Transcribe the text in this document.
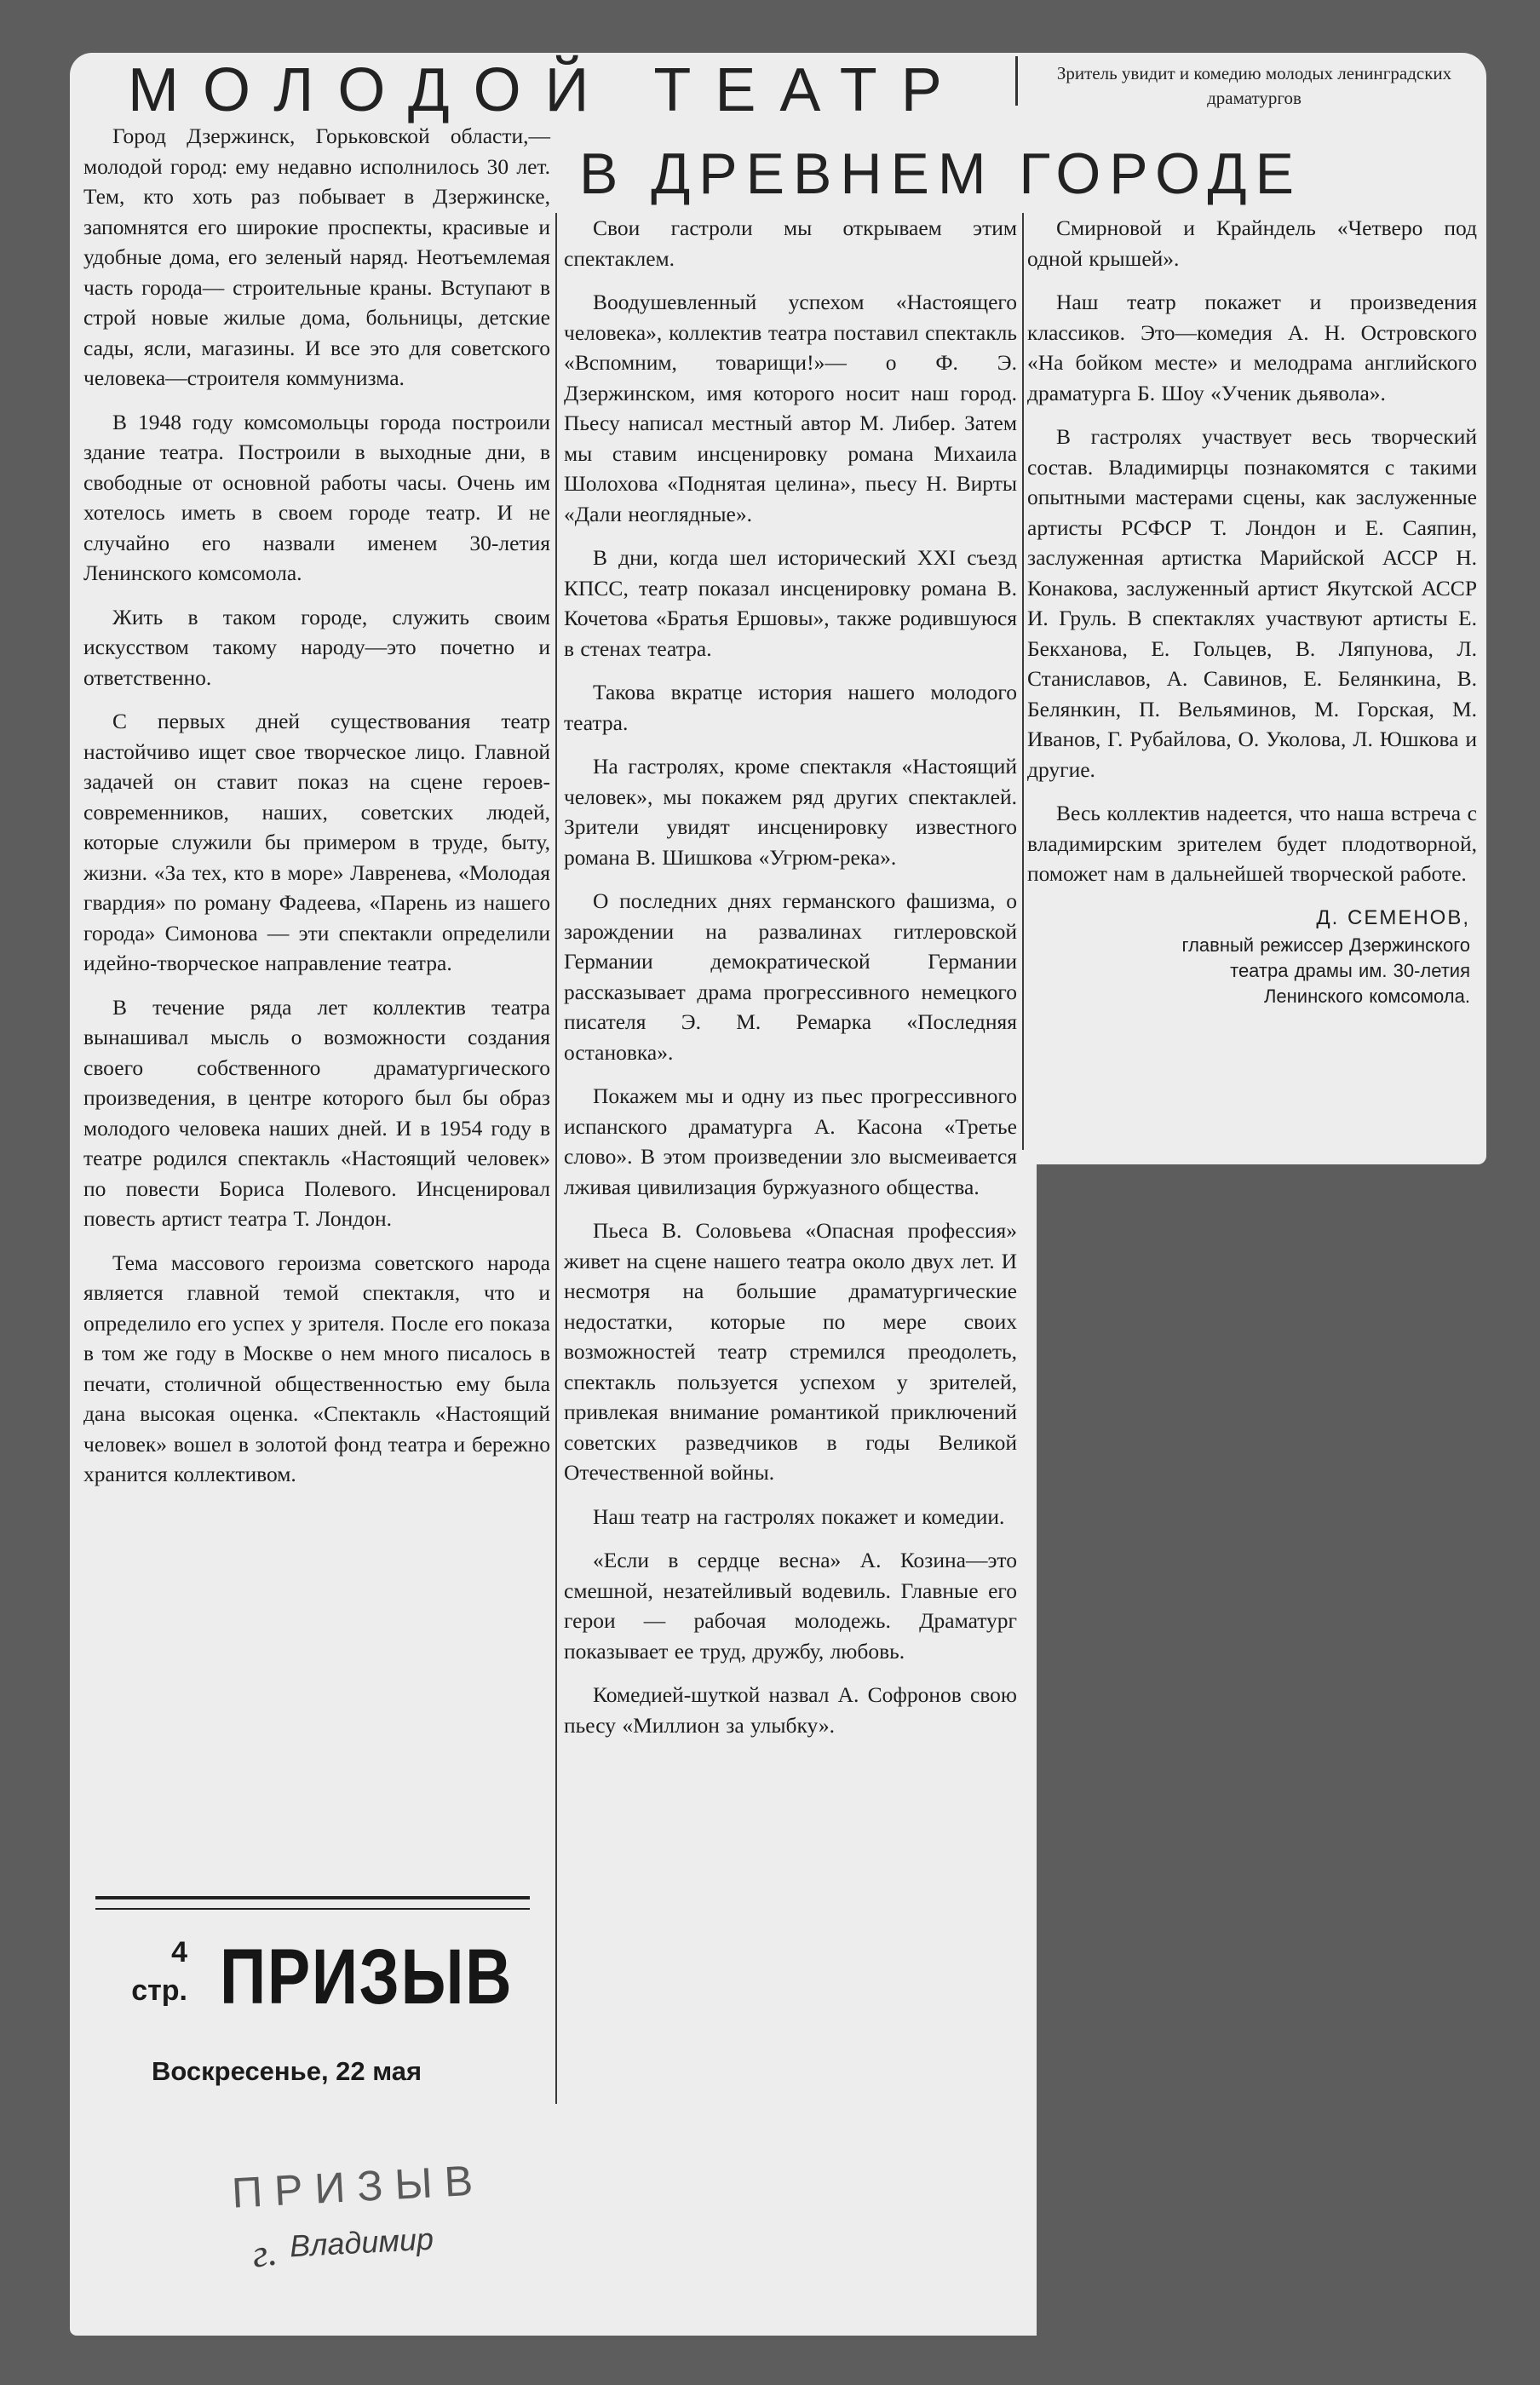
МОЛОДОЙ ТЕАТР	Зритель увидит и комедию молодых ленинградских драматургов
В ДРЕВНЕМ ГОРОДЕ

Город Дзержинск, Горьковской области,— молодой город: ему недавно исполнилось 30 лет. Тем, кто хоть раз побывает в Дзержинске, запомнятся его широкие проспекты, красивые и удобные дома, его зеленый наряд. Неотъемлемая часть города— строительные краны. Вступают в строй новые жилые дома, больницы, детские сады, ясли, магазины. И все это для советского человека—строителя коммунизма.

В 1948 году комсомольцы города построили здание театра. Построили в выходные дни, в свободные от основной работы часы. Очень им хотелось иметь в своем городе театр. И не случайно его назвали именем 30-летия Ленинского комсомола.

Жить в таком городе, служить своим искусством такому народу—это почетно и ответственно.

С первых дней существования театр настойчиво ищет свое творческое лицо. Главной задачей он ставит показ на сцене героев-современников, наших, советских людей, которые служили бы примером в труде, быту, жизни. «За тех, кто в море» Лавренева, «Молодая гвардия» по роману Фадеева, «Парень из нашего города» Симонова — эти спектакли определили идейно-творческое направление театра.

В течение ряда лет коллектив театра вынашивал мысль о возможности создания своего собственного драматургического произведения, в центре которого был бы образ молодого человека наших дней. И в 1954 году в театре родился спектакль «Настоящий человек» по повести Бориса Полевого. Инсценировал повесть артист театра Т. Лондон.

Тема массового героизма советского народа является главной темой спектакля, что и определило его успех у зрителя. После его показа в том же году в Москве о нем много писалось в печати, столичной общественностью ему была дана высокая оценка. «Спектакль «Настоящий человек» вошел в золотой фонд театра и бережно хранится коллективом.

Свои гастроли мы открываем этим спектаклем.

Воодушевленный успехом «Настоящего человека», коллектив театра поставил спектакль «Вспомним, товарищи!»— о Ф. Э. Дзержинском, имя которого носит наш город. Пьесу написал местный автор М. Либер. Затем мы ставим инсценировку романа Михаила Шолохова «Поднятая целина», пьесу Н. Вирты «Дали неоглядные».

В дни, когда шел исторический XXI съезд КПСС, театр показал инсценировку романа В. Кочетова «Братья Ершовы», также родившуюся в стенах театра.

Такова вкратце история нашего молодого театра.

На гастролях, кроме спектакля «Настоящий человек», мы покажем ряд других спектаклей. Зрители увидят инсценировку известного романа В. Шишкова «Угрюм-река».

О последних днях германского фашизма, о зарождении на развалинах гитлеровской Германии демократической Германии рассказывает драма прогрессивного немецкого писателя Э. М. Ремарка «Последняя остановка».

Покажем мы и одну из пьес прогрессивного испанского драматурга А. Касона «Третье слово». В этом произведении зло высмеивается лживая цивилизация буржуазного общества.

Пьеса В. Соловьева «Опасная профессия» живет на сцене нашего театра около двух лет. И несмотря на большие драматургические недостатки, которые по мере своих возможностей театр стремился преодолеть, спектакль пользуется успехом у зрителей, привлекая внимание романтикой приключений советских разведчиков в годы Великой Отечественной войны.

Наш театр на гастролях покажет и комедии.

«Если в сердце весна» А. Козина—это смешной, незатейливый водевиль. Главные его герои — рабочая молодежь. Драматург показывает ее труд, дружбу, любовь.

Комедией-шуткой назвал А. Софронов свою пьесу «Миллион за улыбку».

Смирновой и Крайндель «Четверо под одной крышей».

Наш театр покажет и произведения классиков. Это—комедия А. Н. Островского «На бойком месте» и мелодрама английского драматурга Б. Шоу «Ученик дьявола».

В гастролях участвует весь творческий состав. Владимирцы познакомятся с такими опытными мастерами сцены, как заслуженные артисты РСФСР Т. Лондон и Е. Саяпин, заслуженная артистка Марийской АССР Н. Конакова, заслуженный артист Якутской АССР И. Груль. В спектаклях участвуют артисты Е. Бекханова, Е. Гольцев, В. Ляпунова, Л. Станиславов, А. Савинов, Е. Белянкина, В. Белянкин, П. Вельяминов, М. Горская, М. Иванов, Г. Рубайлова, О. Уколова, Л. Юшкова и другие.

Весь коллектив надеется, что наша встреча с владимирским зрителем будет плодотворной, поможет нам в дальнейшей творческой работе.

Д. СЕМЕНОВ,
главный режиссер Дзержинского
театра драмы им. 30-летия
Ленинского комсомола.
4
стр. ПРИЗЫВ
Воскресенье, 22 мая
ПРИЗЫВ
г. Владимир
